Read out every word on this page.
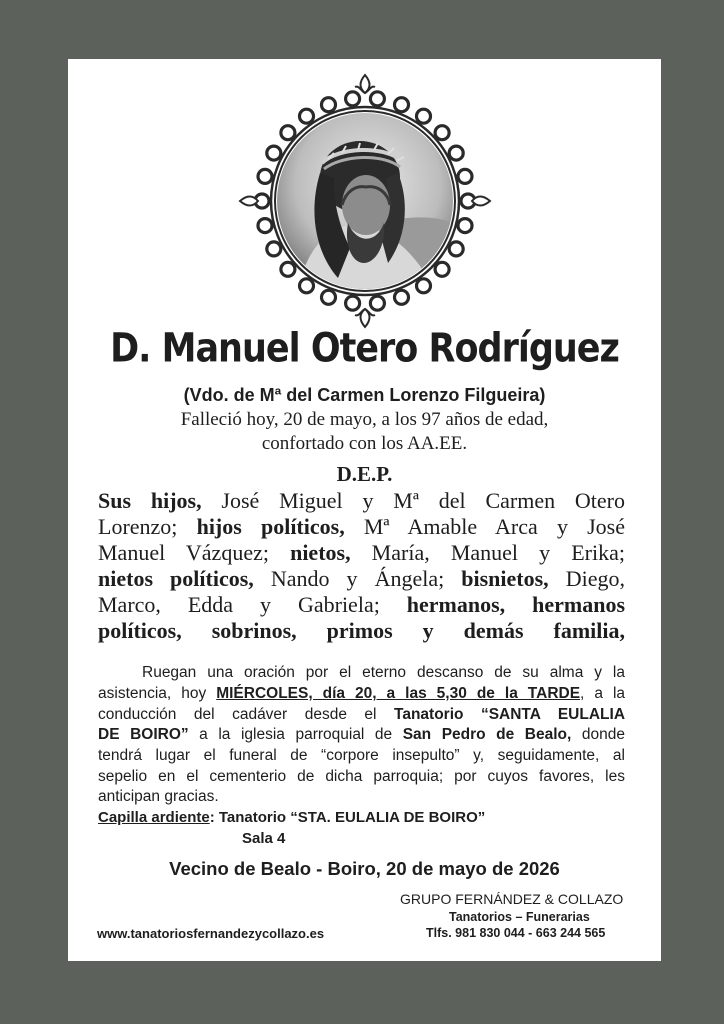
D. Manuel Otero Rodríguez
(Vdo. de Mª del Carmen Lorenzo Filgueira)
Falleció hoy, 20 de mayo, a los 97 años de edad,
confortado con los AA.EE.
D.E.P.
Sus hijos, José Miguel y Mª del Carmen Otero
Lorenzo; hijos políticos, Mª Amable Arca y José
Manuel Vázquez; nietos, María, Manuel y Erika;
nietos políticos, Nando y Ángela; bisnietos, Diego,
Marco, Edda y Gabriela; hermanos, hermanos
políticos, sobrinos, primos y demás familia,
Ruegan una oración por el eterno descanso de su alma y la
asistencia, hoy MIÉRCOLES, día 20, a las 5,30 de la TARDE, a la
conducción del cadáver desde el Tanatorio “SANTA EULALIA
DE BOIRO” a la iglesia parroquial de San Pedro de Bealo, donde
tendrá lugar el funeral de “corpore insepulto” y, seguidamente, al
sepelio en el cementerio de dicha parroquia; por cuyos favores, les
anticipan gracias.
Capilla ardiente: Tanatorio “STA. EULALIA DE BOIRO”
Sala 4
Vecino de Bealo - Boiro, 20 de mayo de 2026
GRUPO FERNÁNDEZ & COLLAZO
Tanatorios – Funerarias
www.tanatoriosfernandezycollazo.es	Tlfs. 981 830 044 - 663 244 565
